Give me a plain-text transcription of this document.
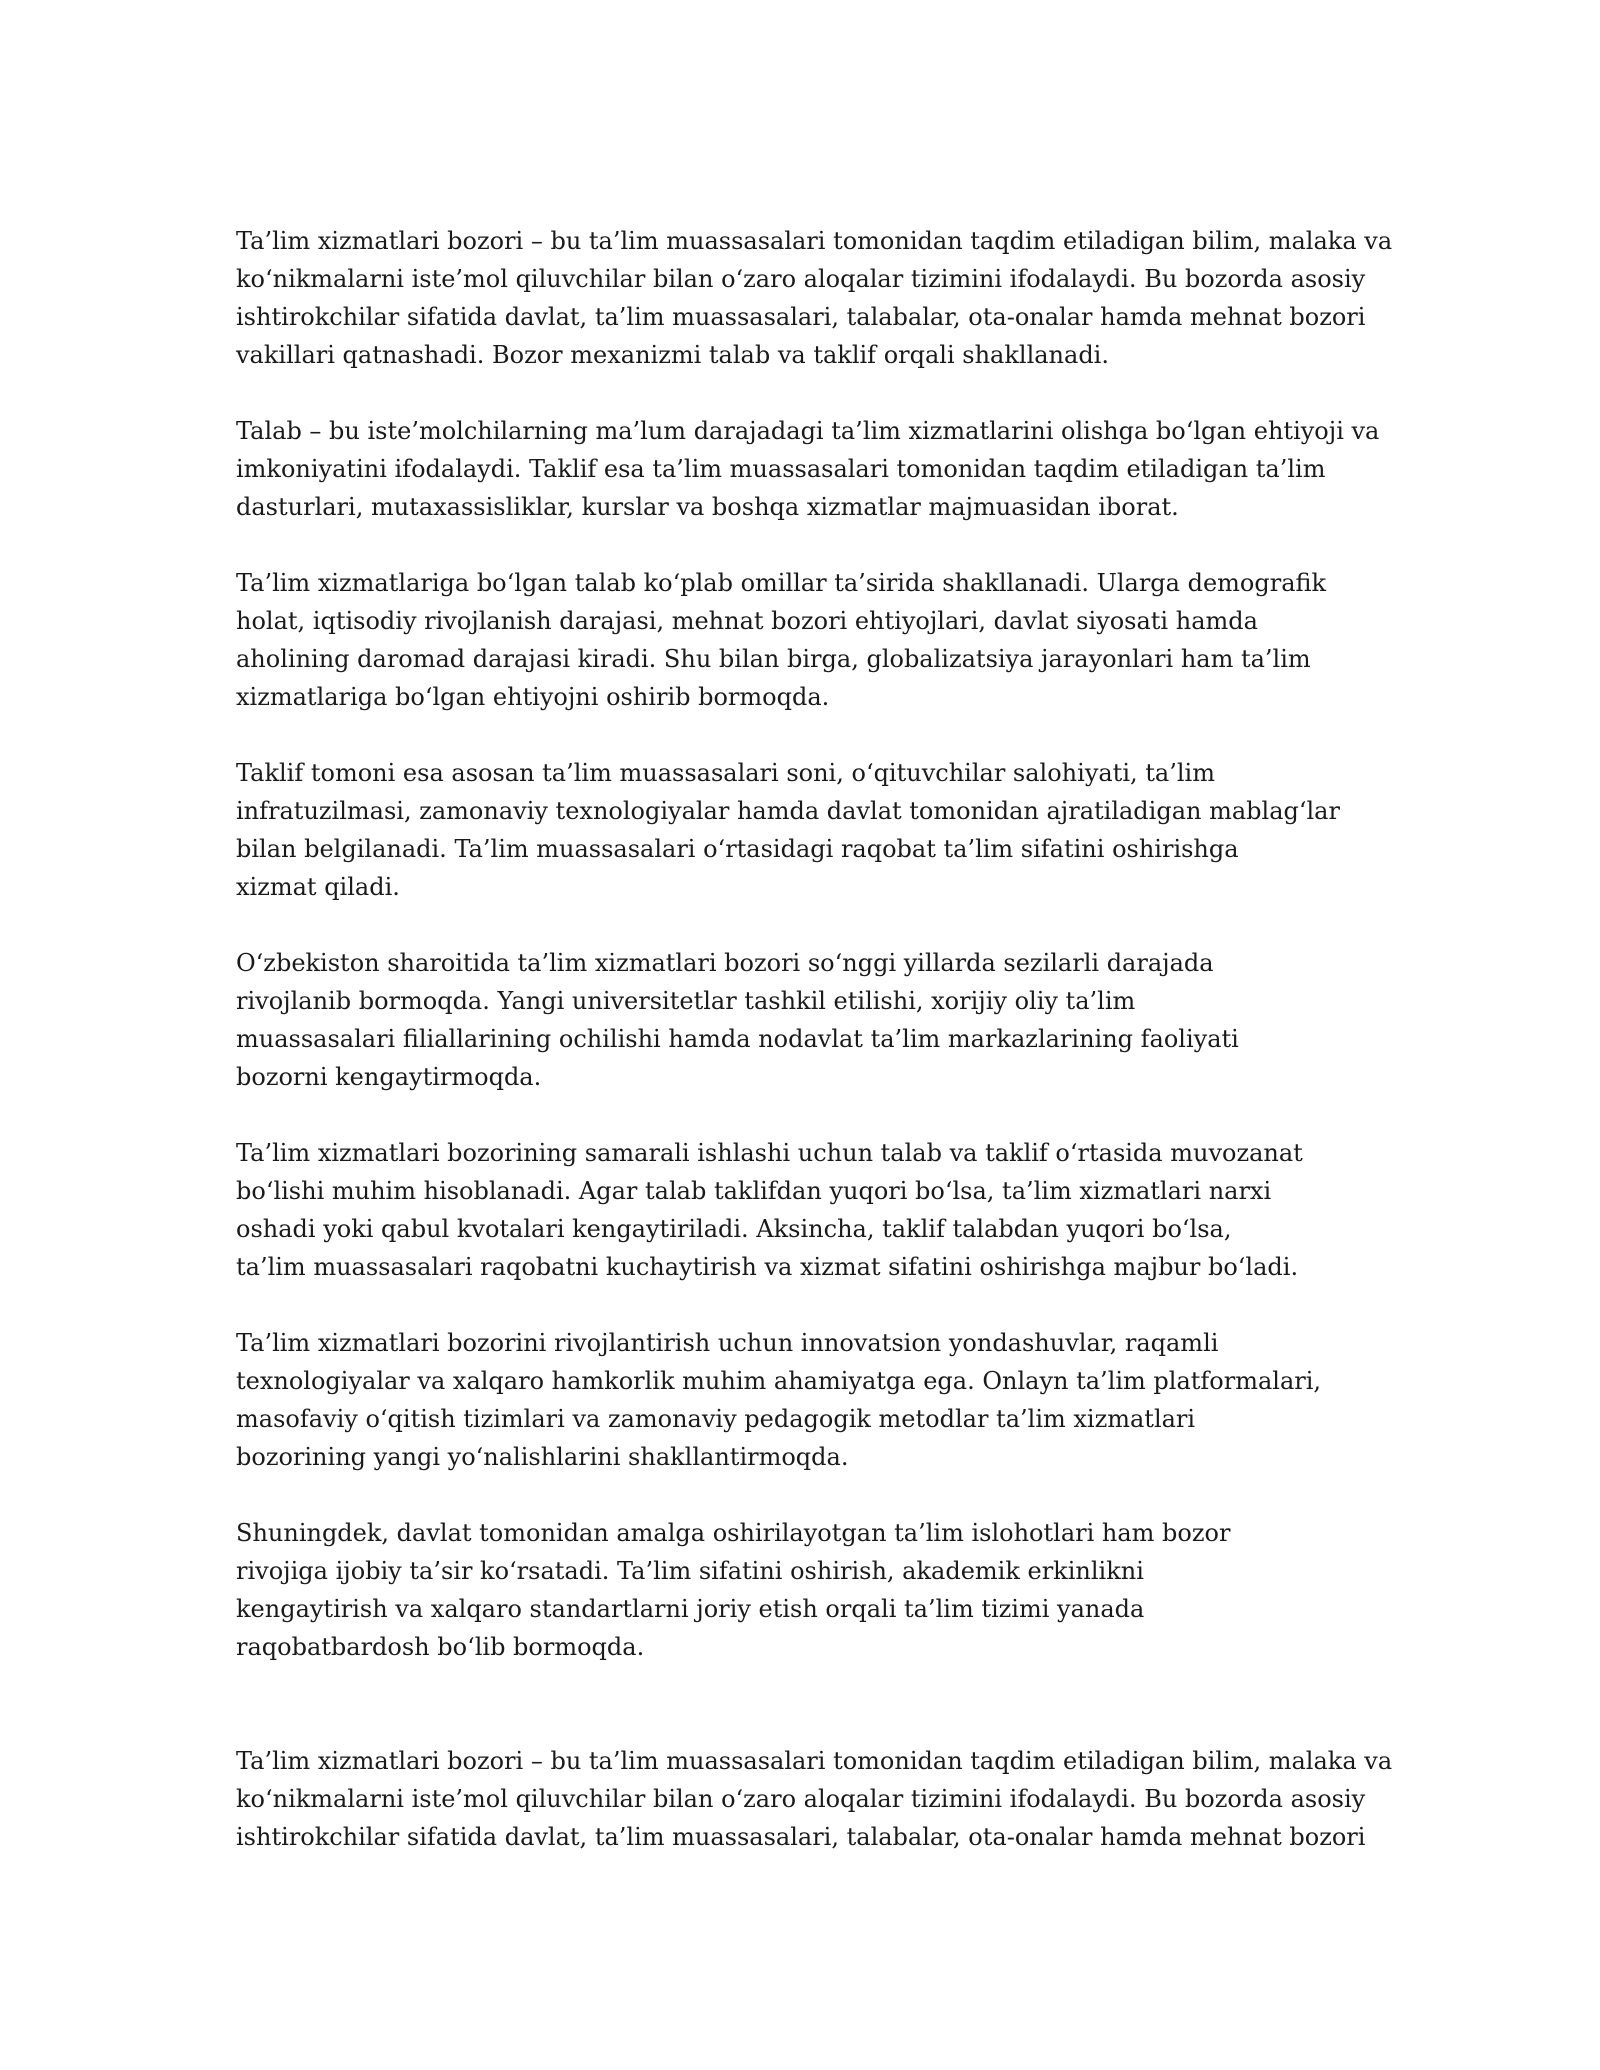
Ta’lim xizmatlari bozori – bu ta’lim muassasalari tomonidan taqdim etiladigan bilim, malaka va
ko‘nikmalarni iste’mol qiluvchilar bilan o‘zaro aloqalar tizimini ifodalaydi. Bu bozorda asosiy
ishtirokchilar sifatida davlat, ta’lim muassasalari, talabalar, ota-onalar hamda mehnat bozori
vakillari qatnashadi. Bozor mexanizmi talab va taklif orqali shakllanadi.

Talab – bu iste’molchilarning ma’lum darajadagi ta’lim xizmatlarini olishga bo‘lgan ehtiyoji va
imkoniyatini ifodalaydi. Taklif esa ta’lim muassasalari tomonidan taqdim etiladigan ta’lim
dasturlari, mutaxassisliklar, kurslar va boshqa xizmatlar majmuasidan iborat.

Ta’lim xizmatlariga bo‘lgan talab ko‘plab omillar ta’sirida shakllanadi. Ularga demografik
holat, iqtisodiy rivojlanish darajasi, mehnat bozori ehtiyojlari, davlat siyosati hamda
aholining daromad darajasi kiradi. Shu bilan birga, globalizatsiya jarayonlari ham ta’lim
xizmatlariga bo‘lgan ehtiyojni oshirib bormoqda.

Taklif tomoni esa asosan ta’lim muassasalari soni, o‘qituvchilar salohiyati, ta’lim
infratuzilmasi, zamonaviy texnologiyalar hamda davlat tomonidan ajratiladigan mablag‘lar
bilan belgilanadi. Ta’lim muassasalari o‘rtasidagi raqobat ta’lim sifatini oshirishga
xizmat qiladi.

O‘zbekiston sharoitida ta’lim xizmatlari bozori so‘nggi yillarda sezilarli darajada
rivojlanib bormoqda. Yangi universitetlar tashkil etilishi, xorijiy oliy ta’lim
muassasalari filiallarining ochilishi hamda nodavlat ta’lim markazlarining faoliyati
bozorni kengaytirmoqda.

Ta’lim xizmatlari bozorining samarali ishlashi uchun talab va taklif o‘rtasida muvozanat
bo‘lishi muhim hisoblanadi. Agar talab taklifdan yuqori bo‘lsa, ta’lim xizmatlari narxi
oshadi yoki qabul kvotalari kengaytiriladi. Aksincha, taklif talabdan yuqori bo‘lsa,
ta’lim muassasalari raqobatni kuchaytirish va xizmat sifatini oshirishga majbur bo‘ladi.

Ta’lim xizmatlari bozorini rivojlantirish uchun innovatsion yondashuvlar, raqamli
texnologiyalar va xalqaro hamkorlik muhim ahamiyatga ega. Onlayn ta’lim platformalari,
masofaviy o‘qitish tizimlari va zamonaviy pedagogik metodlar ta’lim xizmatlari
bozorining yangi yo‘nalishlarini shakllantirmoqda.

Shuningdek, davlat tomonidan amalga oshirilayotgan ta’lim islohotlari ham bozor
rivojiga ijobiy ta’sir ko‘rsatadi. Ta’lim sifatini oshirish, akademik erkinlikni
kengaytirish va xalqaro standartlarni joriy etish orqali ta’lim tizimi yanada
raqobatbardosh bo‘lib bormoqda.

Ta’lim xizmatlari bozori – bu ta’lim muassasalari tomonidan taqdim etiladigan bilim, malaka va
ko‘nikmalarni iste’mol qiluvchilar bilan o‘zaro aloqalar tizimini ifodalaydi. Bu bozorda asosiy
ishtirokchilar sifatida davlat, ta’lim muassasalari, talabalar, ota-onalar hamda mehnat bozori
